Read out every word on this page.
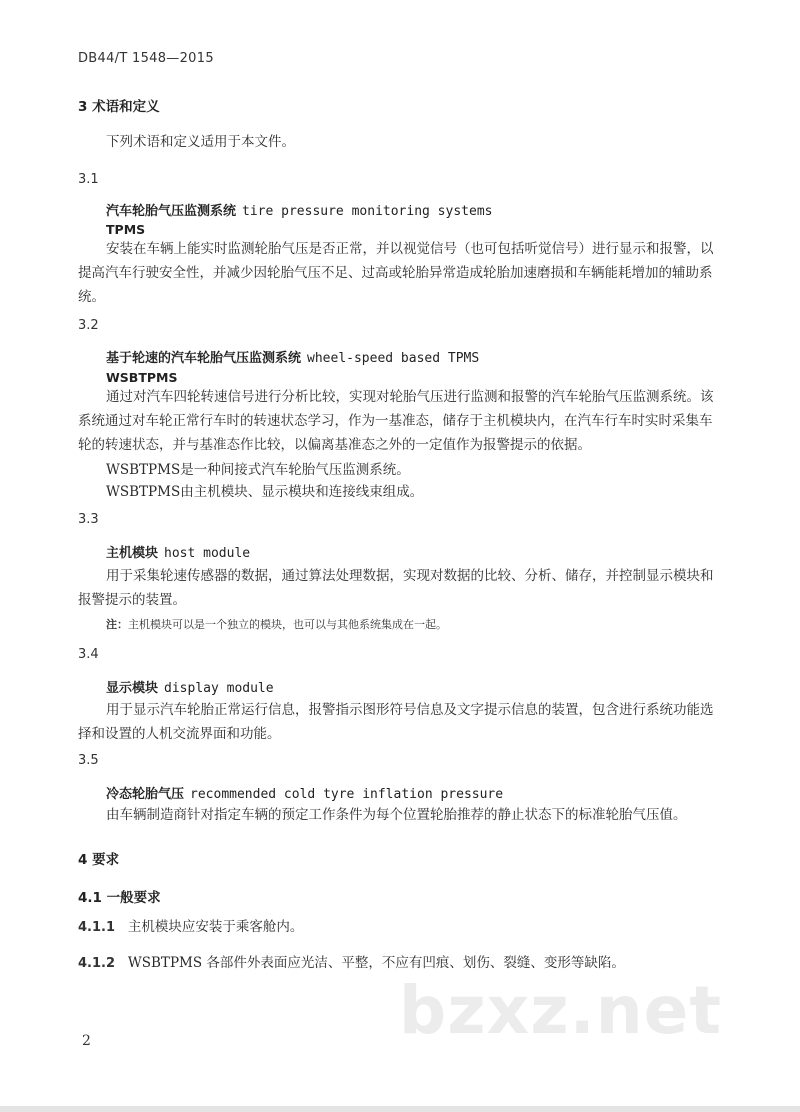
DB44/T 1548—2015
3 术语和定义
下列术语和定义适用于本文件。
3.1
汽车轮胎气压监测系统 tire pressure monitoring systems
TPMS
安装在车辆上能实时监测轮胎气压是否正常，并以视觉信号（也可包括听觉信号）进行显示和报警，以提高汽车行驶安全性，并减少因轮胎气压不足、过高或轮胎异常造成轮胎加速磨损和车辆能耗增加的辅助系统。
3.2
基于轮速的汽车轮胎气压监测系统 wheel-speed based TPMS
WSBTPMS
通过对汽车四轮转速信号进行分析比较，实现对轮胎气压进行监测和报警的汽车轮胎气压监测系统。该系统通过对车轮正常行车时的转速状态学习，作为一基准态，储存于主机模块内，在汽车行车时实时采集车轮的转速状态，并与基准态作比较，以偏离基准态之外的一定值作为报警提示的依据。
WSBTPMS是一种间接式汽车轮胎气压监测系统。
WSBTPMS由主机模块、显示模块和连接线束组成。
3.3
主机模块 host module
用于采集轮速传感器的数据，通过算法处理数据，实现对数据的比较、分析、储存，并控制显示模块和报警提示的装置。
注：主机模块可以是一个独立的模块，也可以与其他系统集成在一起。
3.4
显示模块 display module
用于显示汽车轮胎正常运行信息，报警指示图形符号信息及文字提示信息的装置，包含进行系统功能选择和设置的人机交流界面和功能。
3.5
冷态轮胎气压 recommended cold tyre inflation pressure
由车辆制造商针对指定车辆的预定工作条件为每个位置轮胎推荐的静止状态下的标准轮胎气压值。
4 要求
4.1 一般要求
4.1.1 主机模块应安装于乘客舱内。
4.1.2 WSBTPMS 各部件外表面应光洁、平整，不应有凹痕、划伤、裂缝、变形等缺陷。
bzxz.net
2
